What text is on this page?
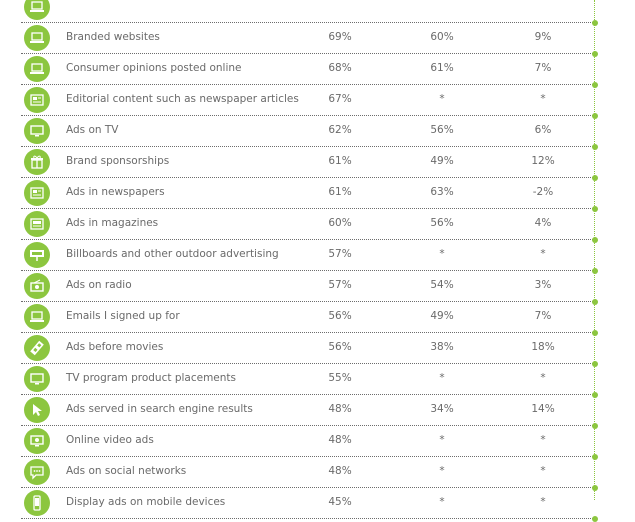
Branded websites	69%	60%	9%
Consumer opinions posted online	68%	61%	7%
Editorial content such as newspaper articles	67%	*	*
Ads on TV	62%	56%	6%
Brand sponsorships	61%	49%	12%
Ads in newspapers	61%	63%	-2%
Ads in magazines	60%	56%	4%
Billboards and other outdoor advertising	57%	*	*
Ads on radio	57%	54%	3%
Emails I signed up for	56%	49%	7%
Ads before movies	56%	38%	18%
TV program product placements	55%	*	*
Ads served in search engine results	48%	34%	14%
Online video ads	48%	*	*
Ads on social networks	48%	*	*
Display ads on mobile devices	45%	*	*
